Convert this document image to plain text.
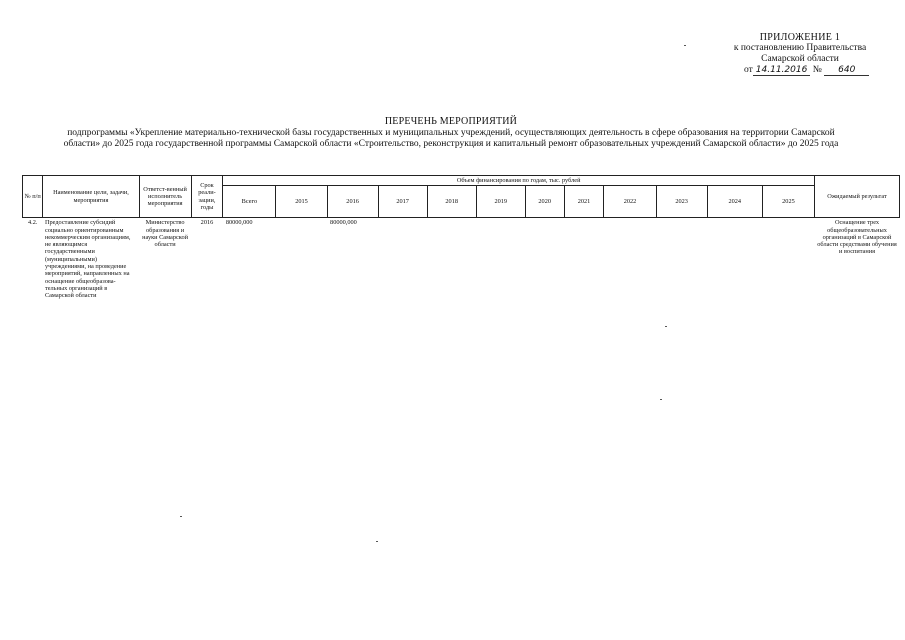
ПРИЛОЖЕНИЕ 1
к постановлению Правительства
Самарской области
от 14.11.2016 № 640
ПЕРЕЧЕНЬ МЕРОПРИЯТИЙ
подпрограммы «Укрепление материально-технической базы государственных и муниципальных учреждений, осуществляющих деятельность в сфере образования на территории Самарской области» до 2025 года государственной программы Самарской области «Строительство, реконструкция и капитальный ремонт образовательных учреждений Самарской области» до 2025 года
№ п/п	Наименование цели, задачи, мероприятия	Ответст-венный исполнитель мероприятия	Срок реали-зации, годы	Объем финансирования по годам, тыс. рублей												Ожидаемый результат
				Всего	2015	2016	2017	2018	2019	2020	2021	2022	2023	2024	2025	
4.2.	Предоставление субсидий социально ориентированным некоммерческим организациям, не являющимся государственными (муниципальными) учреждениями, на проведение мероприятий, направленных на оснащение общеобразова-тельных организаций в Самарской области	Министерство образования и науки Самарской области	2016	80000,000		80000,000										Оснащение трех общеобразовательных организаций в Самарской области средствами обучения и воспитания
